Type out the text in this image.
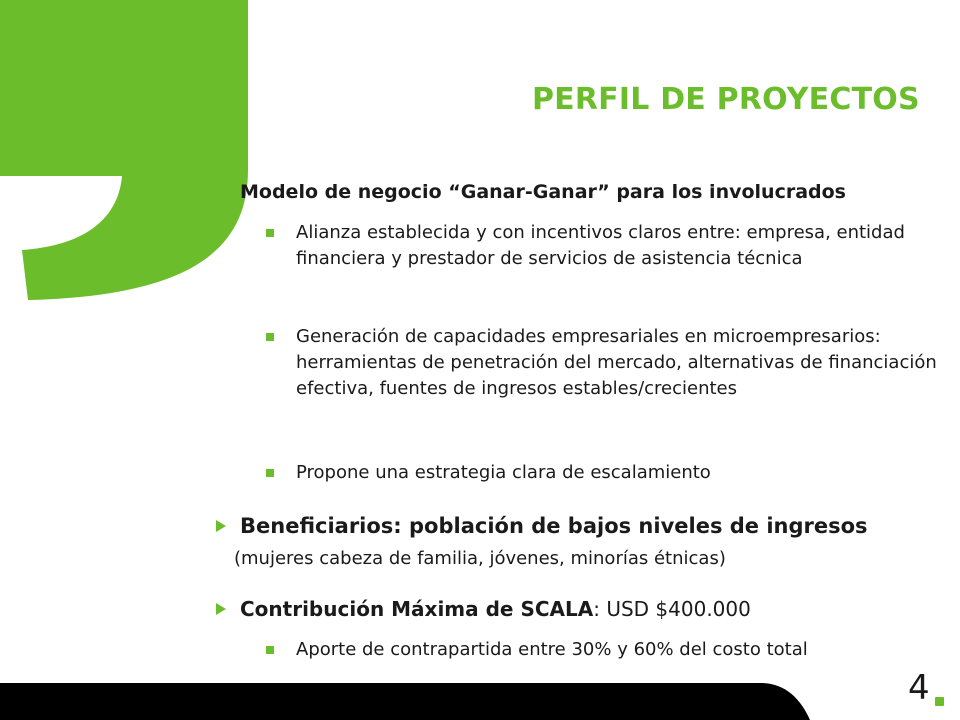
PERFIL DE PROYECTOS
Modelo de negocio “Ganar-Ganar” para los involucrados
Alianza establecida y con incentivos claros entre: empresa, entidad financiera y prestador de servicios de asistencia técnica
Generación de capacidades empresariales en microempresarios: herramientas de penetración del mercado, alternativas de financiación efectiva, fuentes de ingresos estables/crecientes
Propone una estrategia clara de escalamiento
Beneficiarios: población de bajos niveles de ingresos
(mujeres cabeza de familia, jóvenes, minorías étnicas)
Contribución Máxima de SCALA: USD $400.000
Aporte de contrapartida entre 30% y 60% del costo total
4
